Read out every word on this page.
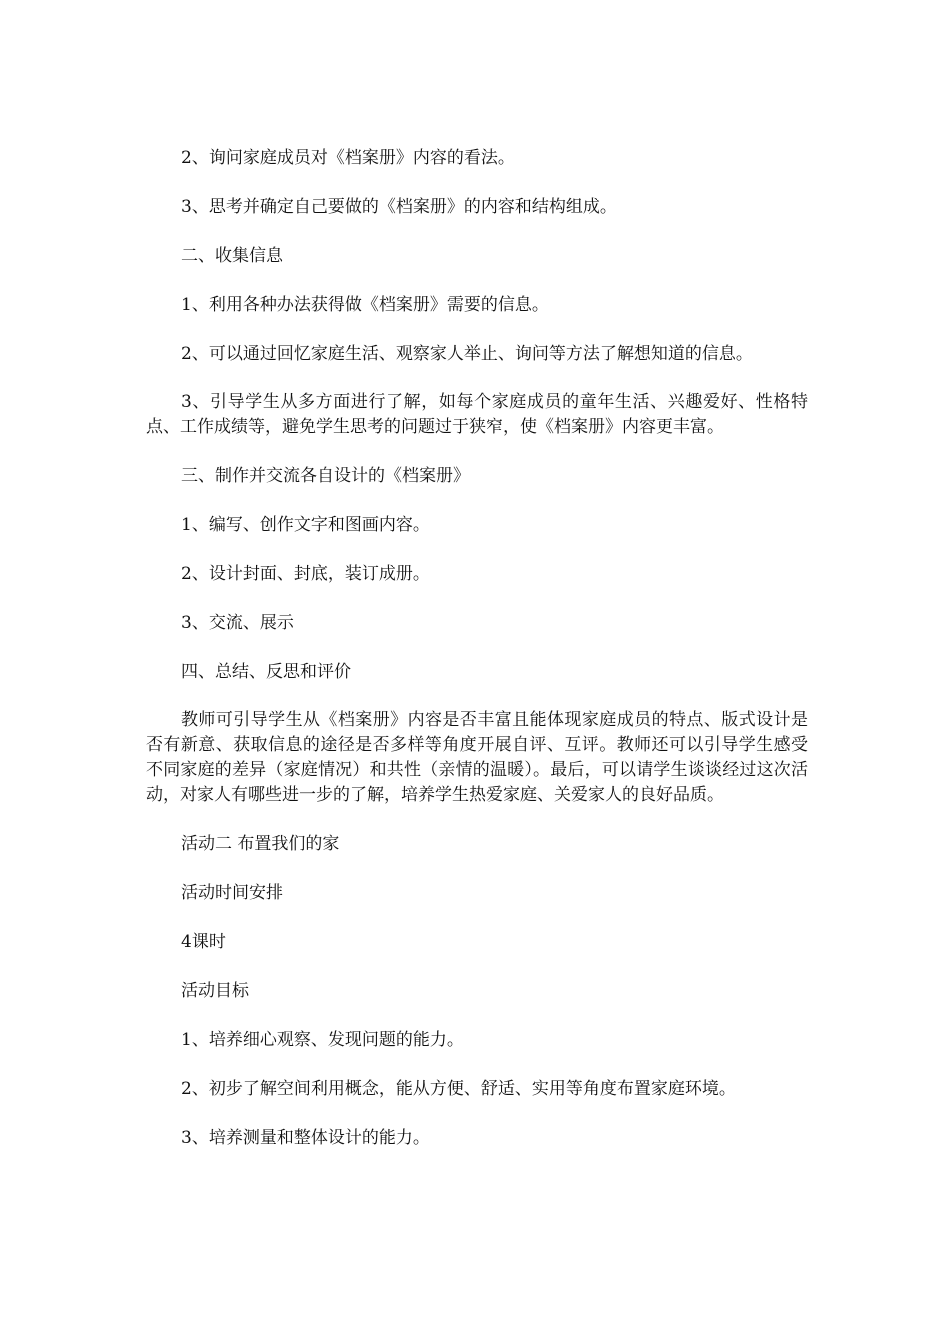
2、询问家庭成员对《档案册》内容的看法。

3、思考并确定自己要做的《档案册》的内容和结构组成。

二、收集信息

1、利用各种办法获得做《档案册》需要的信息。

2、可以通过回忆家庭生活、观察家人举止、询问等方法了解想知道的信息。

3、引导学生从多方面进行了解，如每个家庭成员的童年生活、兴趣爱好、性格特点、工作成绩等，避免学生思考的问题过于狭窄，使《档案册》内容更丰富。

三、制作并交流各自设计的《档案册》

1、编写、创作文字和图画内容。

2、设计封面、封底，装订成册。

3、交流、展示

四、总结、反思和评价

教师可引导学生从《档案册》内容是否丰富且能体现家庭成员的特点、版式设计是否有新意、获取信息的途径是否多样等角度开展自评、互评。教师还可以引导学生感受不同家庭的差异（家庭情况）和共性（亲情的温暖）。最后，可以请学生谈谈经过这次活动，对家人有哪些进一步的了解，培养学生热爱家庭、关爱家人的良好品质。

活动二 布置我们的家

活动时间安排

4课时

活动目标

1、培养细心观察、发现问题的能力。

2、初步了解空间利用概念，能从方便、舒适、实用等角度布置家庭环境。

3、培养测量和整体设计的能力。
